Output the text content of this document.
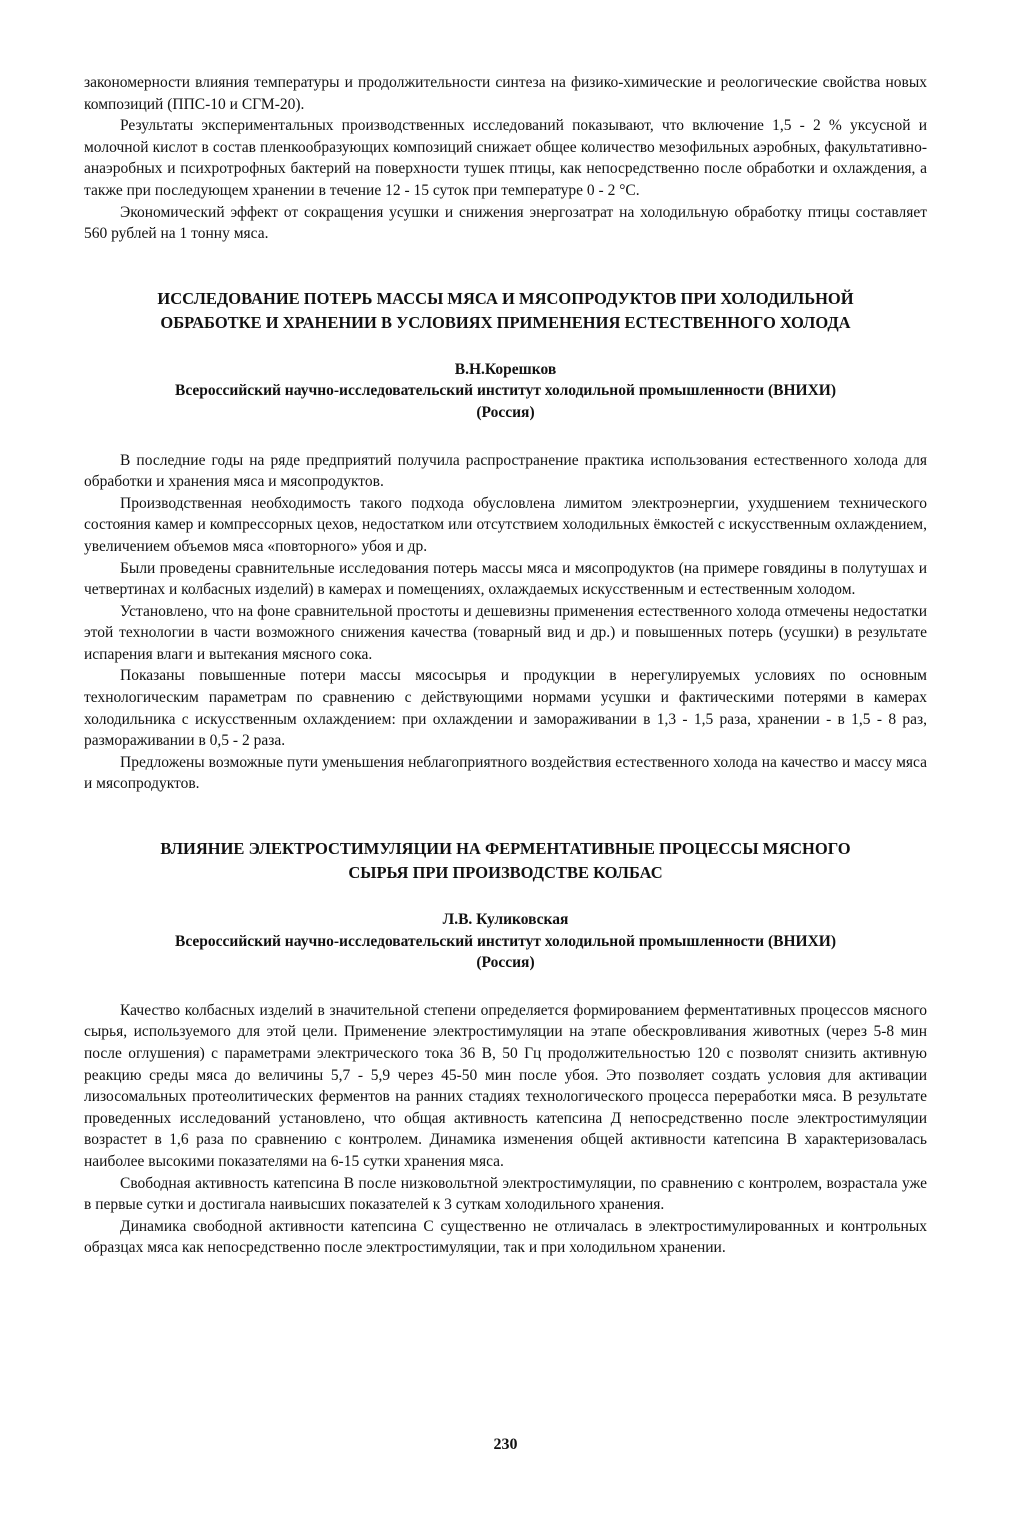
закономерности влияния температуры и продолжительности синтеза на физико-химические и реологические свойства новых композиций (ППС-10 и СГМ-20).

Результаты экспериментальных производственных исследований показывают, что включение 1,5 - 2 % уксусной и молочной кислот в состав пленкообразующих композиций снижает общее количество мезофильных аэробных, факультативно-анаэробных и психротрофных бактерий на поверхности тушек птицы, как непосредственно после обработки и охлаждения, а также при последующем хранении в течение 12 - 15 суток при температуре 0 - 2 °С.

Экономический эффект от сокращения усушки и снижения энергозатрат на холодильную обработку птицы составляет 560 рублей на 1 тонну мяса.

ИССЛЕДОВАНИЕ ПОТЕРЬ МАССЫ МЯСА И МЯСОПРОДУКТОВ ПРИ ХОЛОДИЛЬНОЙ

ОБРАБОТКЕ И ХРАНЕНИИ В УСЛОВИЯХ ПРИМЕНЕНИЯ ЕСТЕСТВЕННОГО ХОЛОДА

В.Н.Корешков

Всероссийский научно-исследовательский институт холодильной промышленности (ВНИХИ)

(Россия)

В последние годы на ряде предприятий получила распространение практика использования естественного холода для обработки и хранения мяса и мясопродуктов.

Производственная необходимость такого подхода обусловлена лимитом электроэнергии, ухудшением технического состояния камер и компрессорных цехов, недостатком или отсутствием холодильных ёмкостей с искусственным охлаждением, увеличением объемов мяса «повторного» убоя и др.

Были проведены сравнительные исследования потерь массы мяса и мясопродуктов (на примере говядины в полутушах и четвертинах и колбасных изделий) в камерах и помещениях, охлаждаемых искусственным и естественным холодом.

Установлено, что на фоне сравнительной простоты и дешевизны применения естественного холода отмечены недостатки этой технологии в части возможного снижения качества (товарный вид и др.) и повышенных потерь (усушки) в результате испарения влаги и вытекания мясного сока.

Показаны повышенные потери массы мясосырья и продукции в нерегулируемых условиях по основным технологическим параметрам по сравнению с действующими нормами усушки и фактическими потерями в камерах холодильника с искусственным охлаждением: при охлаждении и замораживании в 1,3 - 1,5 раза, хранении - в 1,5 - 8 раз, размораживании в 0,5 - 2 раза.

Предложены возможные пути уменьшения неблагоприятного воздействия естественного холода на качество и массу мяса и мясопродуктов.

ВЛИЯНИЕ ЭЛЕКТРОСТИМУЛЯЦИИ НА ФЕРМЕНТАТИВНЫЕ ПРОЦЕССЫ МЯСНОГО

СЫРЬЯ ПРИ ПРОИЗВОДСТВЕ КОЛБАС

Л.В. Куликовская

Всероссийский научно-исследовательский институт холодильной промышленности (ВНИХИ)

(Россия)

Качество колбасных изделий в значительной степени определяется формированием ферментативных процессов мясного сырья, используемого для этой цели. Применение электростимуляции на этапе обескровливания животных (через 5-8 мин после оглушения) с параметрами электрического тока 36 В, 50 Гц продолжительностью 120 с позволят снизить активную реакцию среды мяса до величины 5,7 - 5,9 через 45-50 мин после убоя. Это позволяет создать условия для активации лизосомальных протеолитических ферментов на ранних стадиях технологического процесса переработки мяса. В результате проведенных исследований установлено, что общая активность катепсина Д непосредственно после электростимуляции возрастет в 1,6 раза по сравнению с контролем. Динамика изменения общей активности катепсина В характеризовалась наиболее высокими показателями на 6-15 сутки хранения мяса.

Свободная активность катепсина В после низковольтной электростимуляции, по сравнению с контролем, возрастала уже в первые сутки и достигала наивысших показателей к 3 суткам холодильного хранения.

Динамика свободной активности катепсина С существенно не отличалась в электростимулированных и контрольных образцах мяса как непосредственно после электростимуляции, так и при холодильном хранении.

230
